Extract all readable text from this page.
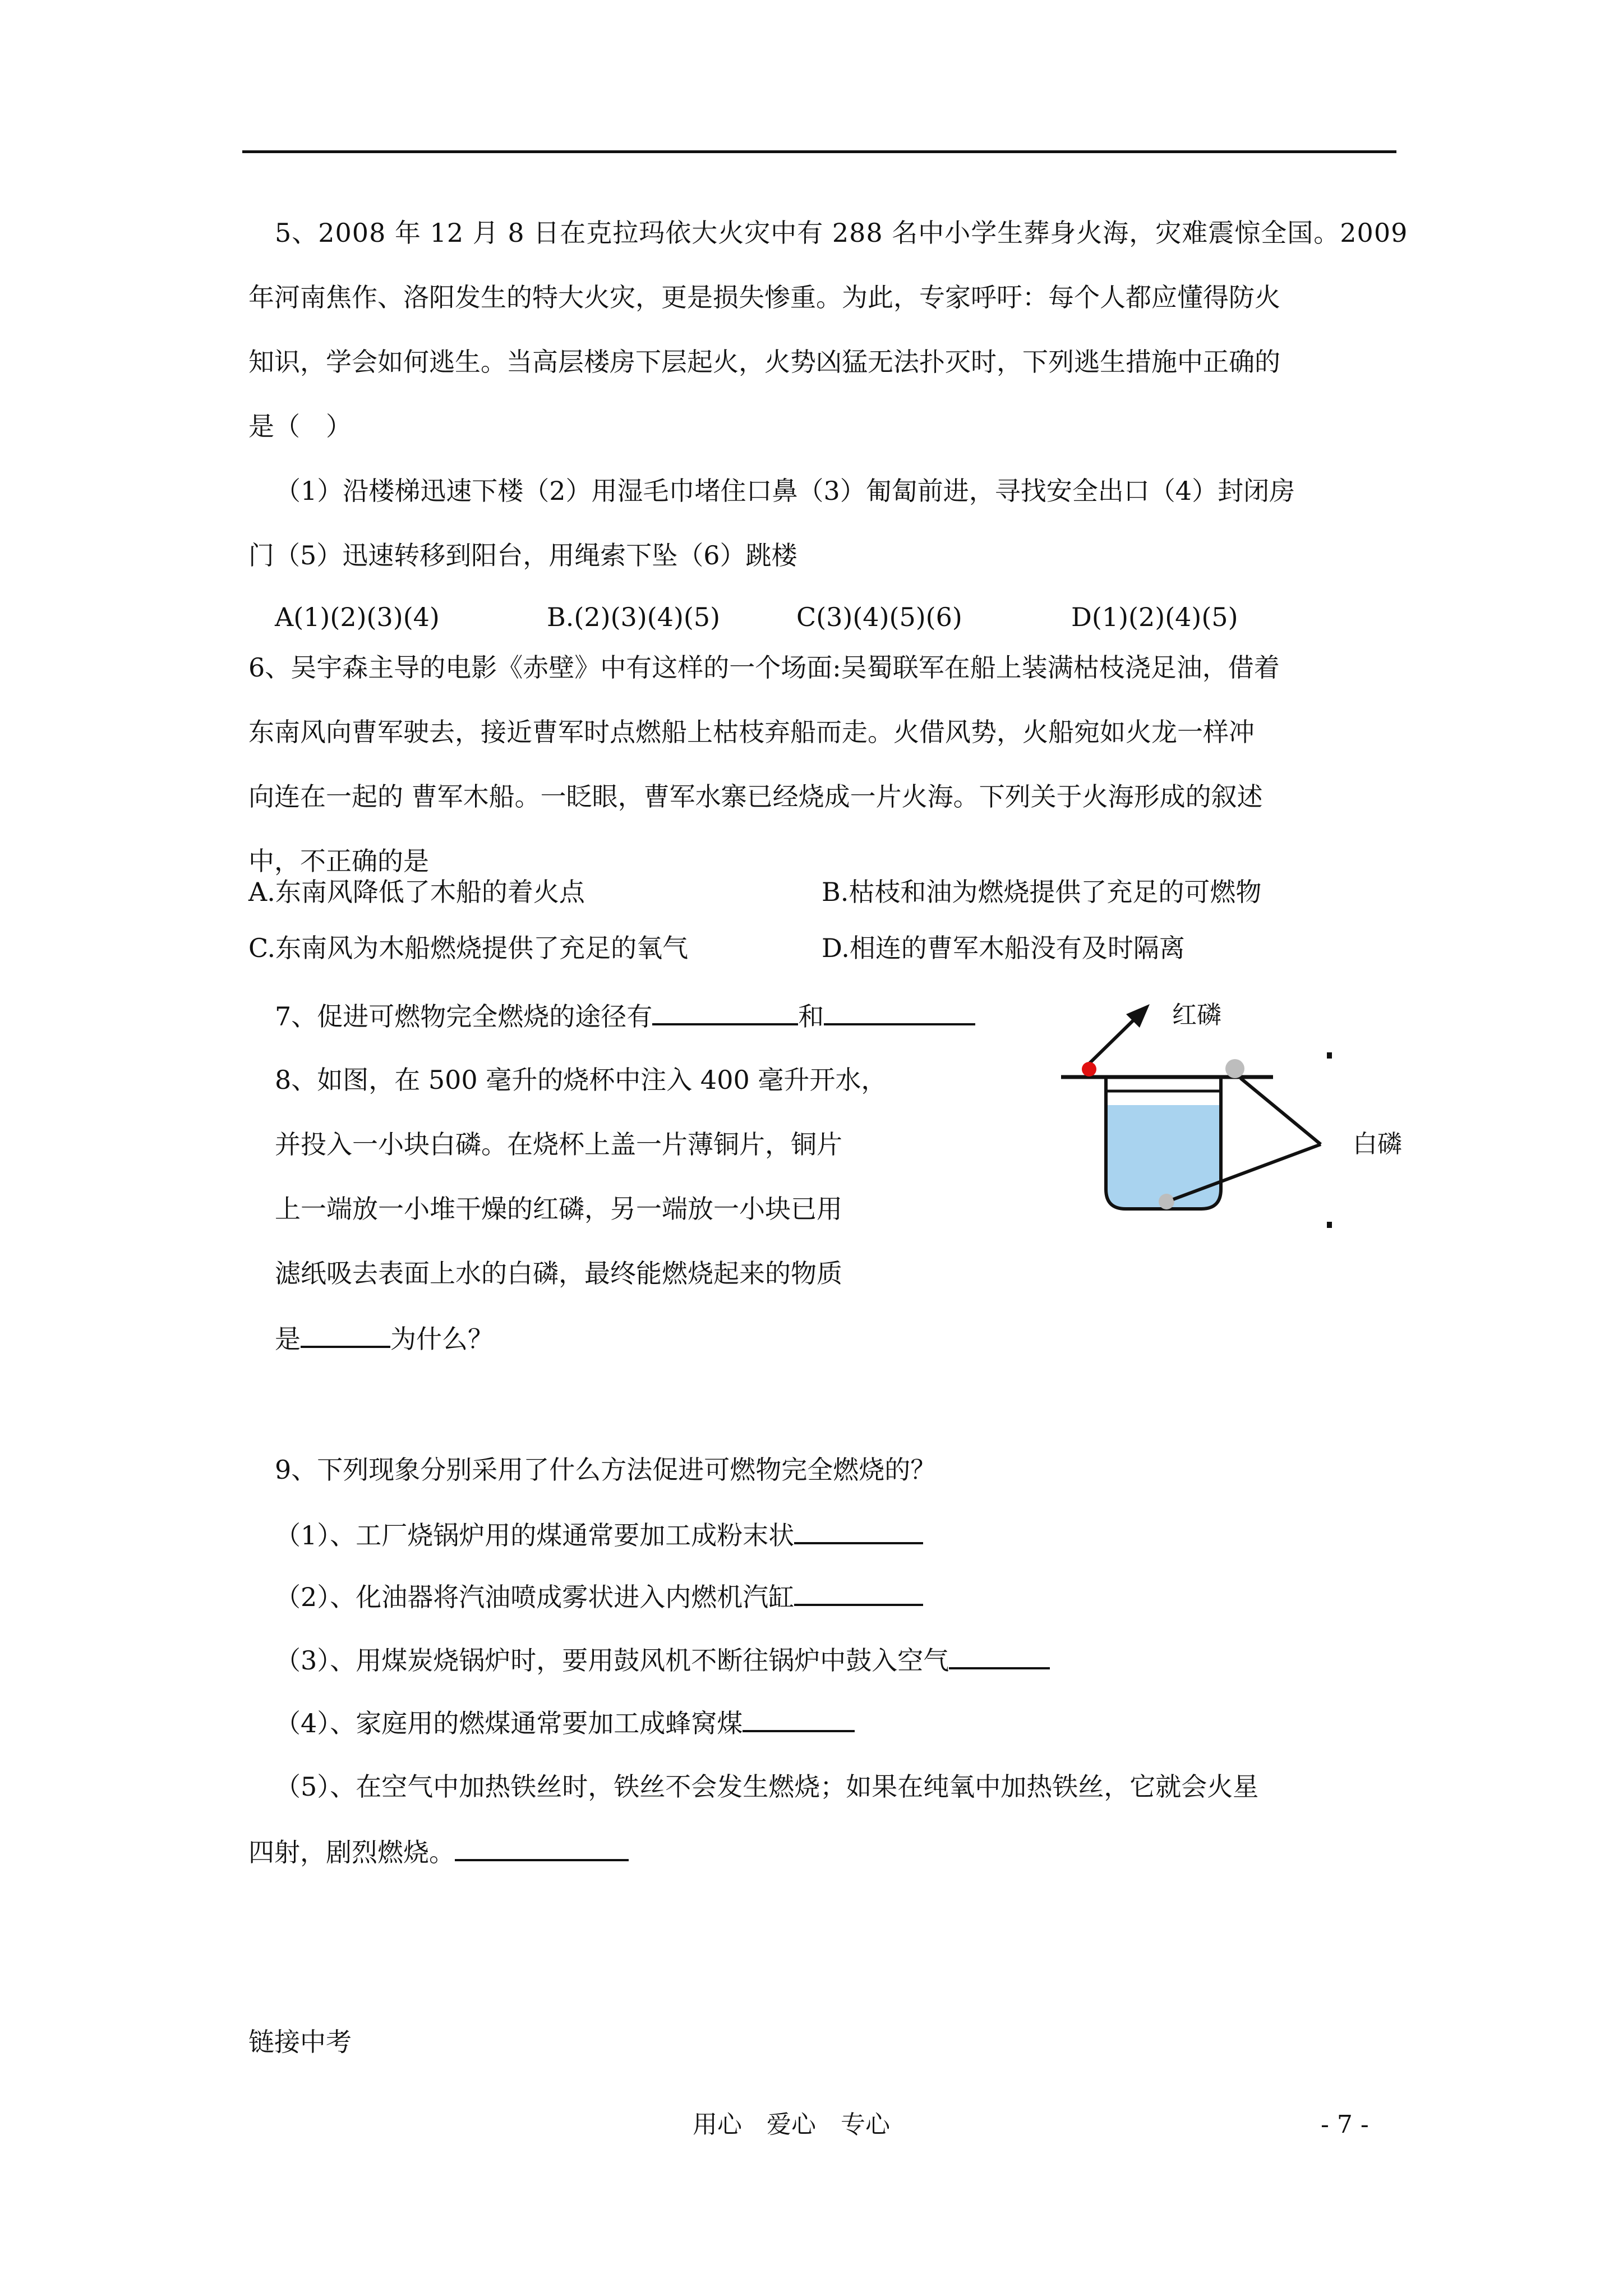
5、2008 年 12 月 8 日在克拉玛依大火灾中有 288 名中小学生葬身火海，灾难震惊全国。2009
年河南焦作、洛阳发生的特大火灾，更是损失惨重。为此，专家呼吁：每个人都应懂得防火
知识，学会如何逃生。当高层楼房下层起火，火势凶猛无法扑灭时，下列逃生措施中正确的
是（　）
（1）沿楼梯迅速下楼（2）用湿毛巾堵住口鼻（3）匍匐前进，寻找安全出口（4）封闭房
门（5）迅速转移到阳台，用绳索下坠（6）跳楼
A(1)(2)(3)(4)	B.(2)(3)(4)(5)	C(3)(4)(5)(6)	D(1)(2)(4)(5)
6、吴宇森主导的电影《赤壁》中有这样的一个场面:吴蜀联军在船上装满枯枝浇足油，借着
东南风向曹军驶去，接近曹军时点燃船上枯枝弃船而走。火借风势，火船宛如火龙一样冲
向连在一起的 曹军木船。一眨眼，曹军水寨已经烧成一片火海。下列关于火海形成的叙述
中，不正确的是
A.东南风降低了木船的着火点	B.枯枝和油为燃烧提供了充足的可燃物
C.东南风为木船燃烧提供了充足的氧气	D.相连的曹军木船没有及时隔离
7、促进可燃物完全燃烧的途径有	和
8、如图，在 500 毫升的烧杯中注入 400 毫升开水，
并投入一小块白磷。在烧杯上盖一片薄铜片，铜片
上一端放一小堆干燥的红磷，另一端放一小块已用
滤纸吸去表面上水的白磷，最终能燃烧起来的物质
是	为什么？
红磷
白磷
9、下列现象分别采用了什么方法促进可燃物完全燃烧的？
（1）、工厂烧锅炉用的煤通常要加工成粉末状
（2）、化油器将汽油喷成雾状进入内燃机汽缸
（3）、用煤炭烧锅炉时，要用鼓风机不断往锅炉中鼓入空气
（4）、家庭用的燃煤通常要加工成蜂窝煤
（5）、在空气中加热铁丝时，铁丝不会发生燃烧；如果在纯氧中加热铁丝，它就会火星
四射，剧烈燃烧。
链接中考
用心　爱心　专心	- 7 -
